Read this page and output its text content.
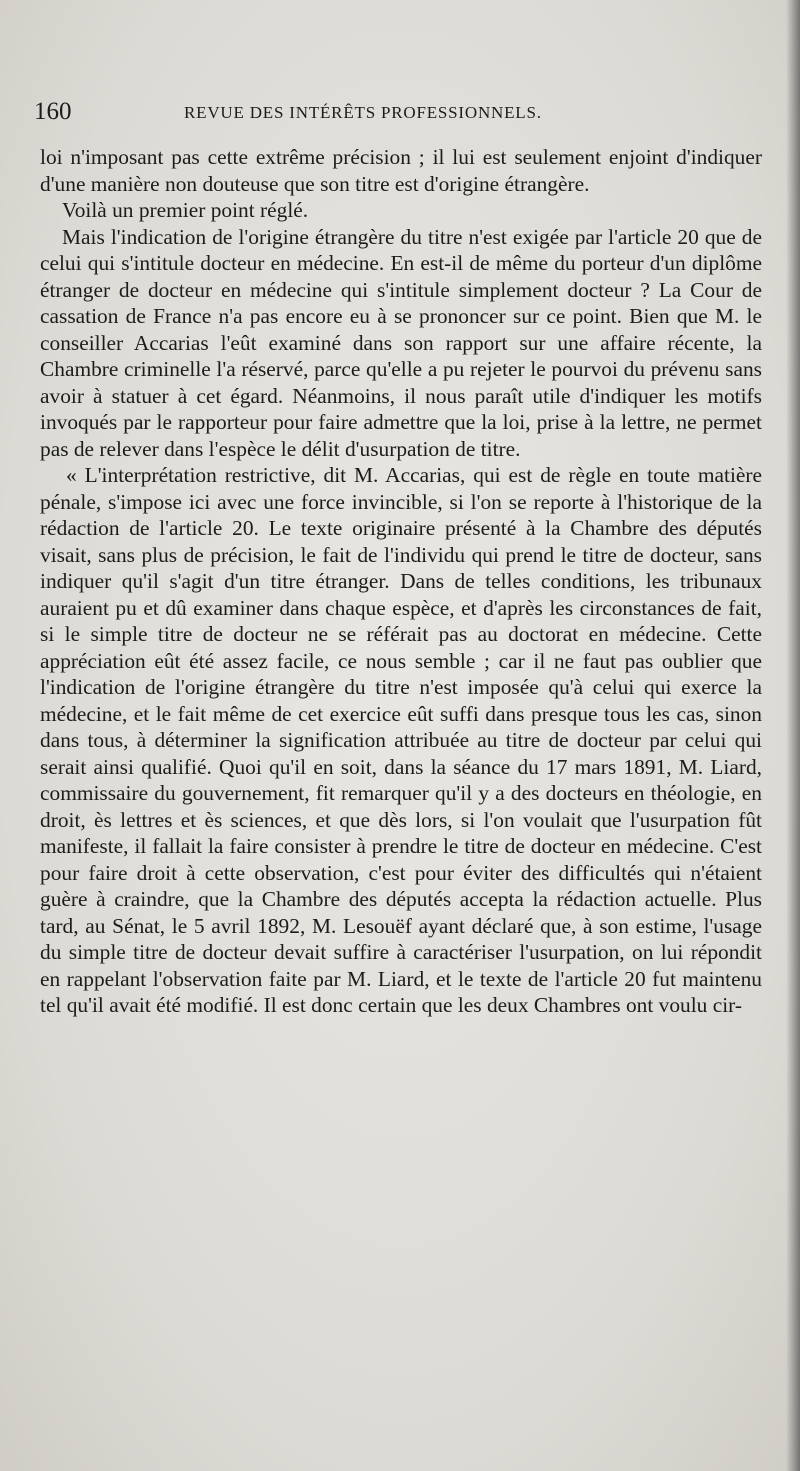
160	REVUE DES INTÉRÊTS PROFESSIONNELS.

loi n'imposant pas cette extrême précision ; il lui est seulement enjoint d'indiquer d'une manière non douteuse que son titre est d'origine étrangère.

Voilà un premier point réglé.

Mais l'indication de l'origine étrangère du titre n'est exigée par l'article 20 que de celui qui s'intitule docteur en médecine. En est-il de même du porteur d'un diplôme étranger de docteur en médecine qui s'intitule simplement docteur ? La Cour de cassation de France n'a pas encore eu à se prononcer sur ce point. Bien que M. le conseiller Accarias l'eût examiné dans son rapport sur une affaire récente, la Chambre criminelle l'a réservé, parce qu'elle a pu rejeter le pourvoi du prévenu sans avoir à statuer à cet égard. Néanmoins, il nous paraît utile d'indiquer les motifs invoqués par le rapporteur pour faire admettre que la loi, prise à la lettre, ne permet pas de relever dans l'espèce le délit d'usurpation de titre.

« L'interprétation restrictive, dit M. Accarias, qui est de règle en toute matière pénale, s'impose ici avec une force invincible, si l'on se reporte à l'historique de la rédaction de l'article 20. Le texte originaire présenté à la Chambre des députés visait, sans plus de précision, le fait de l'individu qui prend le titre de docteur, sans indiquer qu'il s'agit d'un titre étranger. Dans de telles conditions, les tribunaux auraient pu et dû examiner dans chaque espèce, et d'après les circonstances de fait, si le simple titre de docteur ne se référait pas au doctorat en médecine. Cette appréciation eût été assez facile, ce nous semble ; car il ne faut pas oublier que l'indication de l'origine étrangère du titre n'est imposée qu'à celui qui exerce la médecine, et le fait même de cet exercice eût suffi dans presque tous les cas, sinon dans tous, à déterminer la signification attribuée au titre de docteur par celui qui serait ainsi qualifié. Quoi qu'il en soit, dans la séance du 17 mars 1891, M. Liard, commissaire du gouvernement, fit remarquer qu'il y a des docteurs en théologie, en droit, ès lettres et ès sciences, et que dès lors, si l'on voulait que l'usurpation fût manifeste, il fallait la faire consister à prendre le titre de docteur en médecine. C'est pour faire droit à cette observation, c'est pour éviter des difficultés qui n'étaient guère à craindre, que la Chambre des députés accepta la rédaction actuelle. Plus tard, au Sénat, le 5 avril 1892, M. Lesouëf ayant déclaré que, à son estime, l'usage du simple titre de docteur devait suffire à caractériser l'usurpation, on lui répondit en rappelant l'observation faite par M. Liard, et le texte de l'article 20 fut maintenu tel qu'il avait été modifié. Il est donc certain que les deux Chambres ont voulu cir-
